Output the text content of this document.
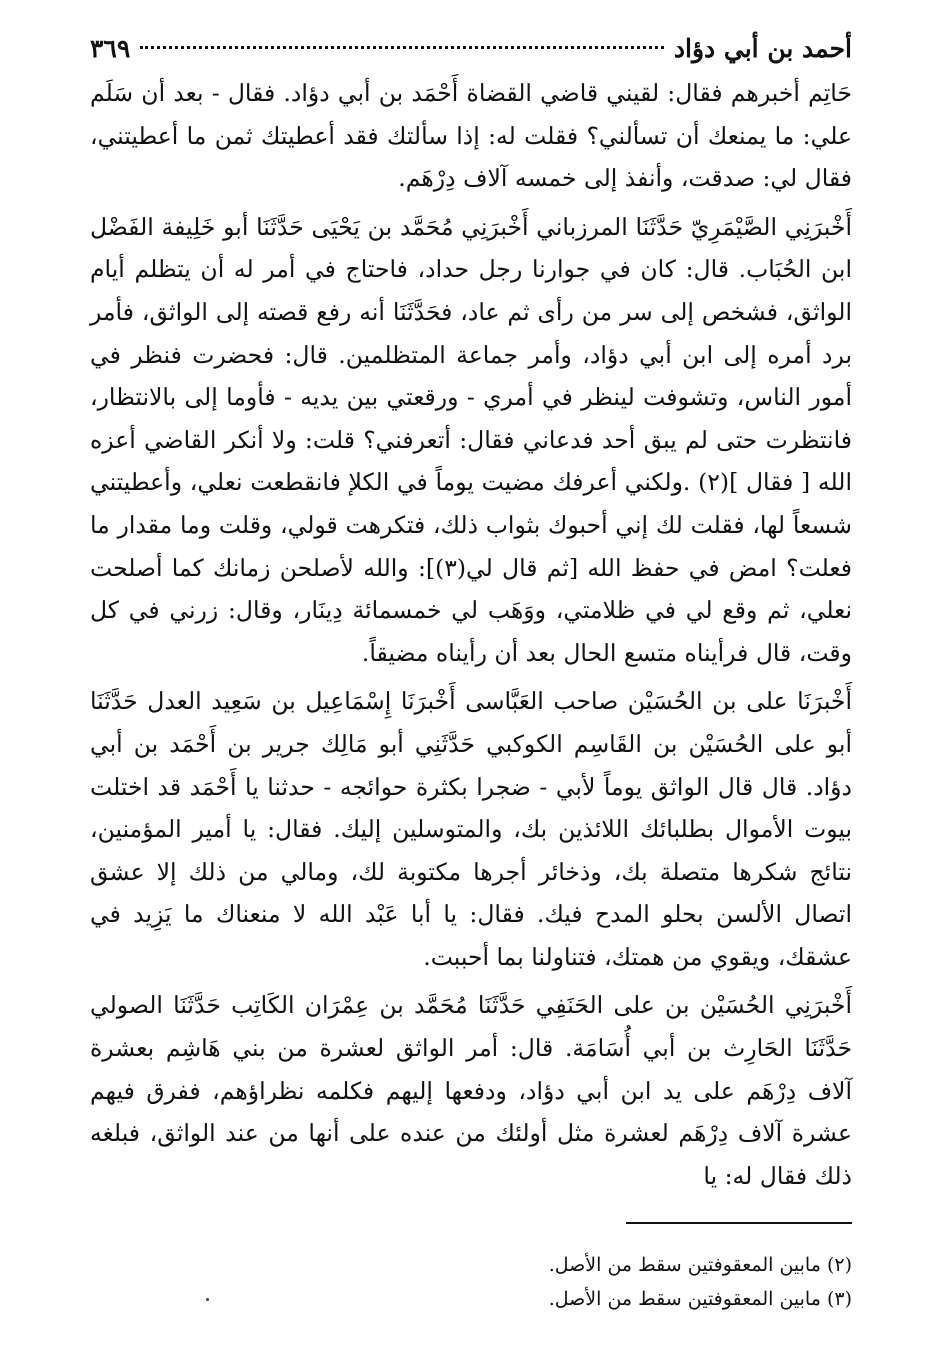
أحمد بن أبي دؤاد
٣٦٩

حَاتِم أخبرهم فقال: لقيني قاضي القضاة أَحْمَد بن أبي دؤاد. فقال - بعد أن سَلَم علي: ما يمنعك أن تسألني؟ فقلت له: إذا سألتك فقد أعطيتك ثمن ما أعطيتني، فقال لي: صدقت، وأنفذ إلى خمسه آلاف دِرْهَم.

أَخْبرَنِي الصَّيْمَرِيّ حَدَّثَنَا المرزباني أَخْبرَنِي مُحَمَّد بن يَحْيَى حَدَّثَنَا أبو خَلِيفة الفَضْل ابن الحُبَاب. قال: كان في جوارنا رجل حداد، فاحتاج في أمر له أن يتظلم أيام الواثق، فشخص إلى سر من رأى ثم عاد، فحَدَّثَنَا أنه رفع قصته إلى الواثق، فأمر برد أمره إلى ابن أبي دؤاد، وأمر جماعة المتظلمين. قال: فحضرت فنظر في أمور الناس، وتشوفت لينظر في أمري - ورقعتي بين يديه - فأوما إلى بالانتظار، فانتظرت حتى لم يبق أحد فدعاني فقال: أتعرفني؟ قلت: ولا أنكر القاضي أعزه الله [ فقال ](٢) .ولكني أعرفك مضيت يوماً في الكلإ فانقطعت نعلي، وأعطيتني شسعاً لها، فقلت لك إني أحبوك بثواب ذلك، فتكرهت قولي، وقلت وما مقدار ما فعلت؟ امض في حفظ الله [ثم قال لي(٣)]: والله لأصلحن زمانك كما أصلحت نعلي، ثم وقع لي في ظلامتي، ووَهَب لي خمسمائة دِينَار، وقال: زرني في كل وقت، قال فرأيناه متسع الحال بعد أن رأيناه مضيقاً.

أَخْبرَنَا على بن الحُسَيْن صاحب العَبَّاسى أَخْبرَنَا إِسْمَاعِيل بن سَعِيد العدل حَدَّثَنَا أبو على الحُسَيْن بن القَاسِم الكوكبي حَدَّثَنِي أبو مَالِك جرير بن أَحْمَد بن أبي دؤاد. قال قال الواثق يوماً لأبي - ضجرا بكثرة حوائجه - حدثنا يا أَحْمَد قد اختلت بيوت الأموال بطلبائك اللائذين بك، والمتوسلين إليك. فقال: يا أمير المؤمنين، نتائج شكرها متصلة بك، وذخائر أجرها مكتوبة لك، ومالي من ذلك إلا عشق اتصال الألسن بحلو المدح فيك. فقال: يا أبا عَبْد الله لا منعناك ما يَزِيد في عشقك، ويقوي من همتك، فتناولنا بما أحببت.

أَخْبرَنِي الحُسَيْن بن على الحَنَفِي حَدَّثَنَا مُحَمَّد بن عِمْرَان الكَاتِب حَدَّثَنَا الصولي حَدَّثَنَا الحَارِث بن أبي أُسَامَة. قال: أمر الواثق لعشرة من بني هَاشِم بعشرة آلاف دِرْهَم على يد ابن أبي دؤاد، ودفعها إليهم فكلمه نظراؤهم، ففرق فيهم عشرة آلاف دِرْهَم لعشرة مثل أولئك من عنده على أنها من عند الواثق، فبلغه ذلك فقال له: يا

(٢) مابين المعقوفتين سقط من الأصل.

(٣) مابين المعقوفتين سقط من الأصل.
